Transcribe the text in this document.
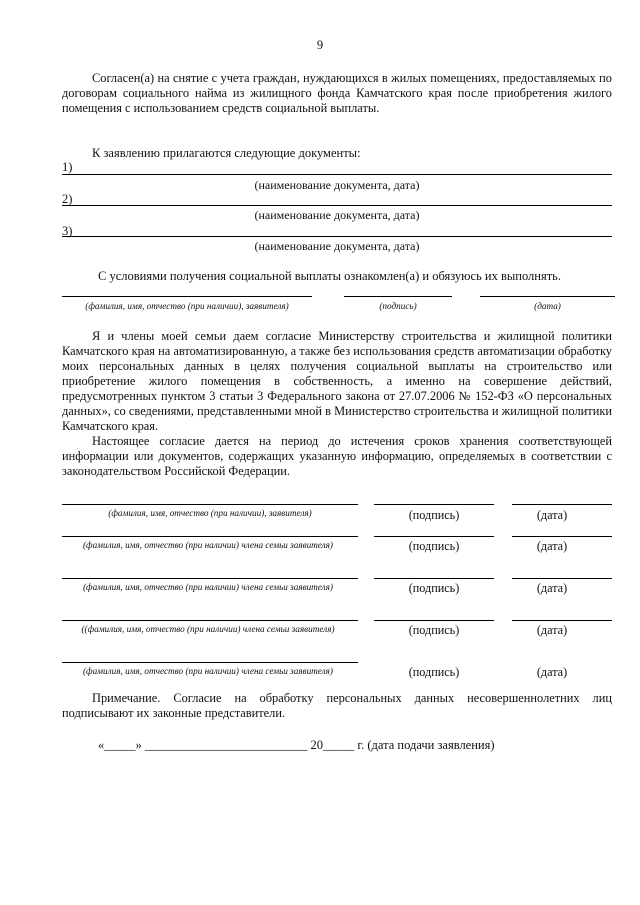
9

Согласен(а) на снятие с учета граждан, нуждающихся в жилых помещениях, предоставляемых по договорам социального найма из жилищного фонда Камчатского края после приобретения жилого помещения с использованием средств социальной выплаты.

К заявлению прилагаются следующие документы:
1)
(наименование документа, дата)
2)
(наименование документа, дата)
3)
(наименование документа, дата)
С условиями получения социальной выплаты ознакомлен(а) и обязуюсь их выполнять.
(фамилия, имя, отчество (при наличии), заявителя)	(подпись)	(дата)

Я и члены моей семьи даем согласие Министерству строительства и жилищной политики Камчатского края на автоматизированную, а также без использования средств автоматизации обработку моих персональных данных в целях получения социальной выплаты на строительство или приобретение жилого помещения в собственность, а именно на совершение действий, предусмотренных пунктом 3 статьи 3 Федерального закона от 27.07.2006 № 152-ФЗ «О персональных данных», со сведениями, представленными мной в Министерство строительства и жилищной политики Камчатского края.

Настоящее согласие дается на период до истечения сроков хранения соответствующей информации или документов, содержащих указанную информацию, определяемых в соответствии с законодательством Российской Федерации.

(фамилия, имя, отчество (при наличии), заявителя)	(подпись)	(дата)
(фамилия, имя, отчество (при наличии) члена семьи заявителя)	(подпись)	(дата)
(фамилия, имя, отчество (при наличии) члена семьи заявителя)	(подпись)	(дата)
((фамилия, имя, отчество (при наличии) члена семьи заявителя)	(подпись)	(дата)
(фамилия, имя, отчество (при наличии) члена семьи заявителя)	(подпись)	(дата)

Примечание. Согласие на обработку персональных данных несовершеннолетних лиц подписывают их законные представители.

«_____» __________________________ 20_____ г. (дата подачи заявления)
